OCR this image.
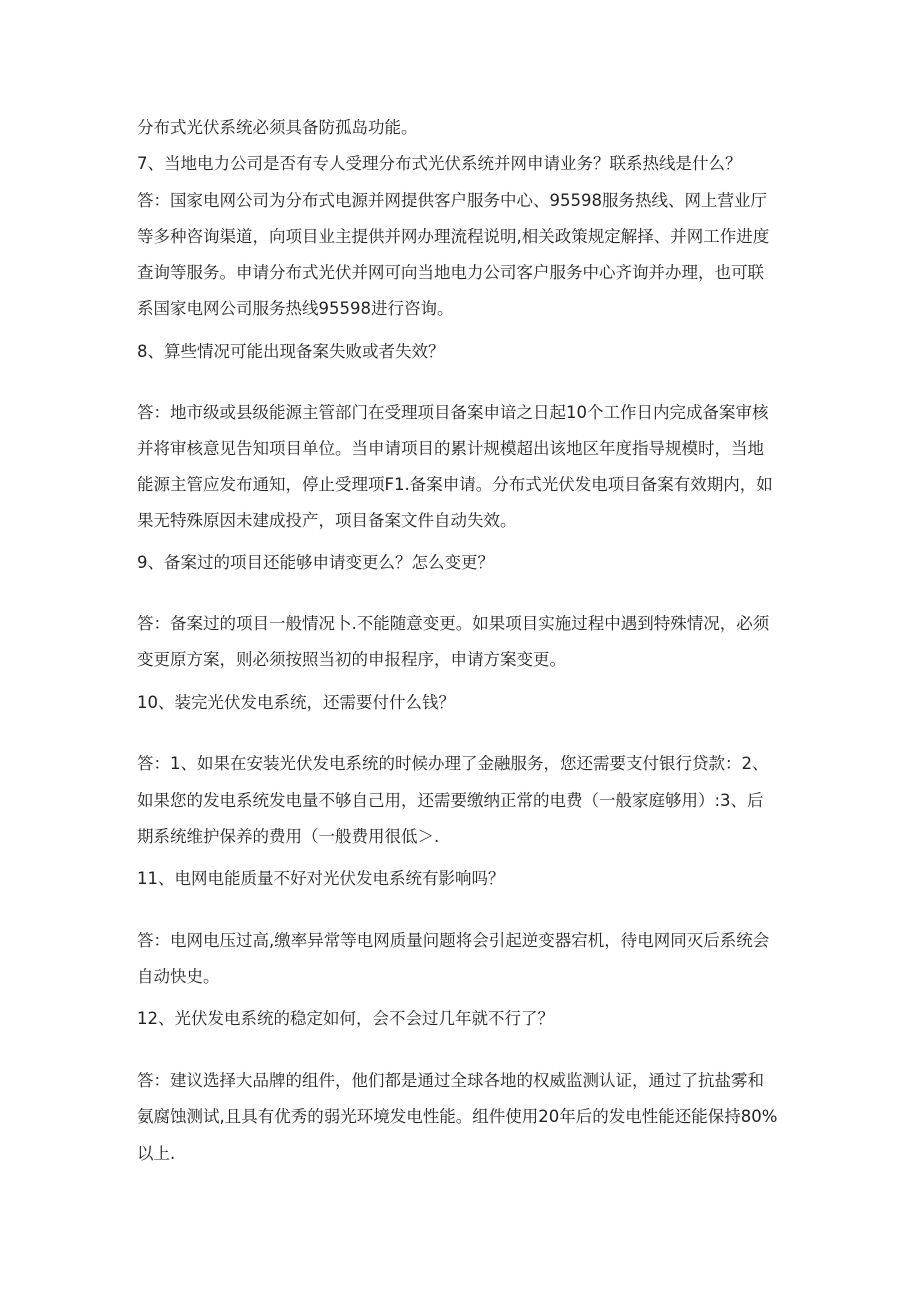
分布式光伏系统必须具备防孤岛功能。
7、当地电力公司是否有专人受理分布式光伏系统并网申请业务？联系热线是什么？
答：国家电网公司为分布式电源并网提供客户服务中心、95598服务热线、网上营业厅
等多种咨询渠道，向项目业主提供并网办理流程说明,相关政策规定解择、并网工作进度
查询等服务。申请分布式光伏并网可向当地电力公司客户服务中心齐询并办理，也可联
系国家电网公司服务热线95598进行咨询。
8、算些情况可能出现备案失败或者失效？
答：地市级或县级能源主管部门在受理项目备案申谙之日起10个工作日内完成备案审核
并将审核意见告知项目单位。当申请项目的累计规模超出该地区年度指导规模时，当地
能源主管应发布通知，停止受理项F1.备案申请。分布式光伏发电项目备案有效期内，如
果无特殊原因未建成投产，项目备案文件自动失效。
9、备案过的项目还能够申请变更么？怎么变更？
答：备案过的项目一般情况卜.不能随意变更。如果项目实施过程中遇到特殊情况，必须
变更原方案，则必须按照当初的申报程序，申请方案变更。
10、装完光伏发电系统，还需要付什么钱？
答：1、如果在安装光伏发电系统的时候办理了金融服务，您还需要支付银行贷款：2、
如果您的发电系统发电量不够自己用，还需要缴纳正常的电费（一般家庭够用）:3、后
期系统维护保养的费用（一般费用很低＞.
11、电网电能质量不好对光伏发电系统有影响吗？
答：电网电压过高,缴率异常等电网质量问题将会引起逆变器宕机，待电网同灭后系统会
自动快史。
12、光伏发电系统的稳定如何，会不会过几年就不行了？
答：建议选择大品牌的组件，他们都是通过全球各地的权威监测认证，通过了抗盐雾和
氨腐蚀测试,且具有优秀的弱光环境发电性能。组件使用20年后的发电性能还能保持80%
以上.
